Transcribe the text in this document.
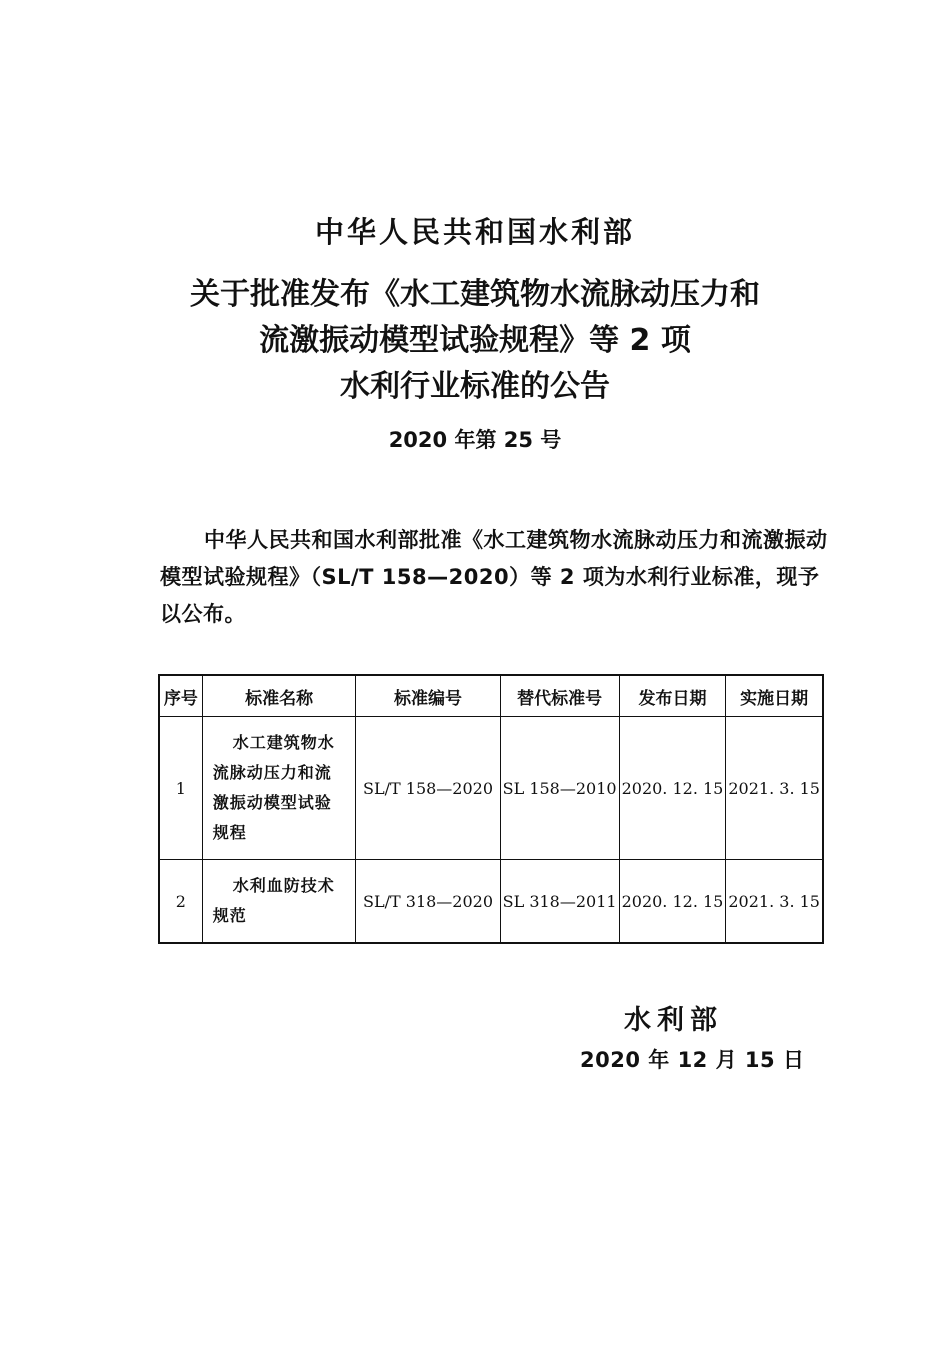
中华人民共和国水利部
关于批准发布《水工建筑物水流脉动压力和
流激振动模型试验规程》等 2 项
水利行业标准的公告
2020 年第 25 号
中华人民共和国水利部批准《水工建筑物水流脉动压力和流激振动模型试验规程》（SL/T 158—2020）等 2 项为水利行业标准，现予以公布。
序号	标准名称	标准编号	替代标准号	发布日期	实施日期
1	水工建筑物水流脉动压力和流激振动模型试验规程	SL/T 158—2020	SL 158—2010	2020. 12. 15	2021. 3. 15
2	水利血防技术规范	SL/T 318—2020	SL 318—2011	2020. 12. 15	2021. 3. 15
水利部
2020 年 12 月 15 日
